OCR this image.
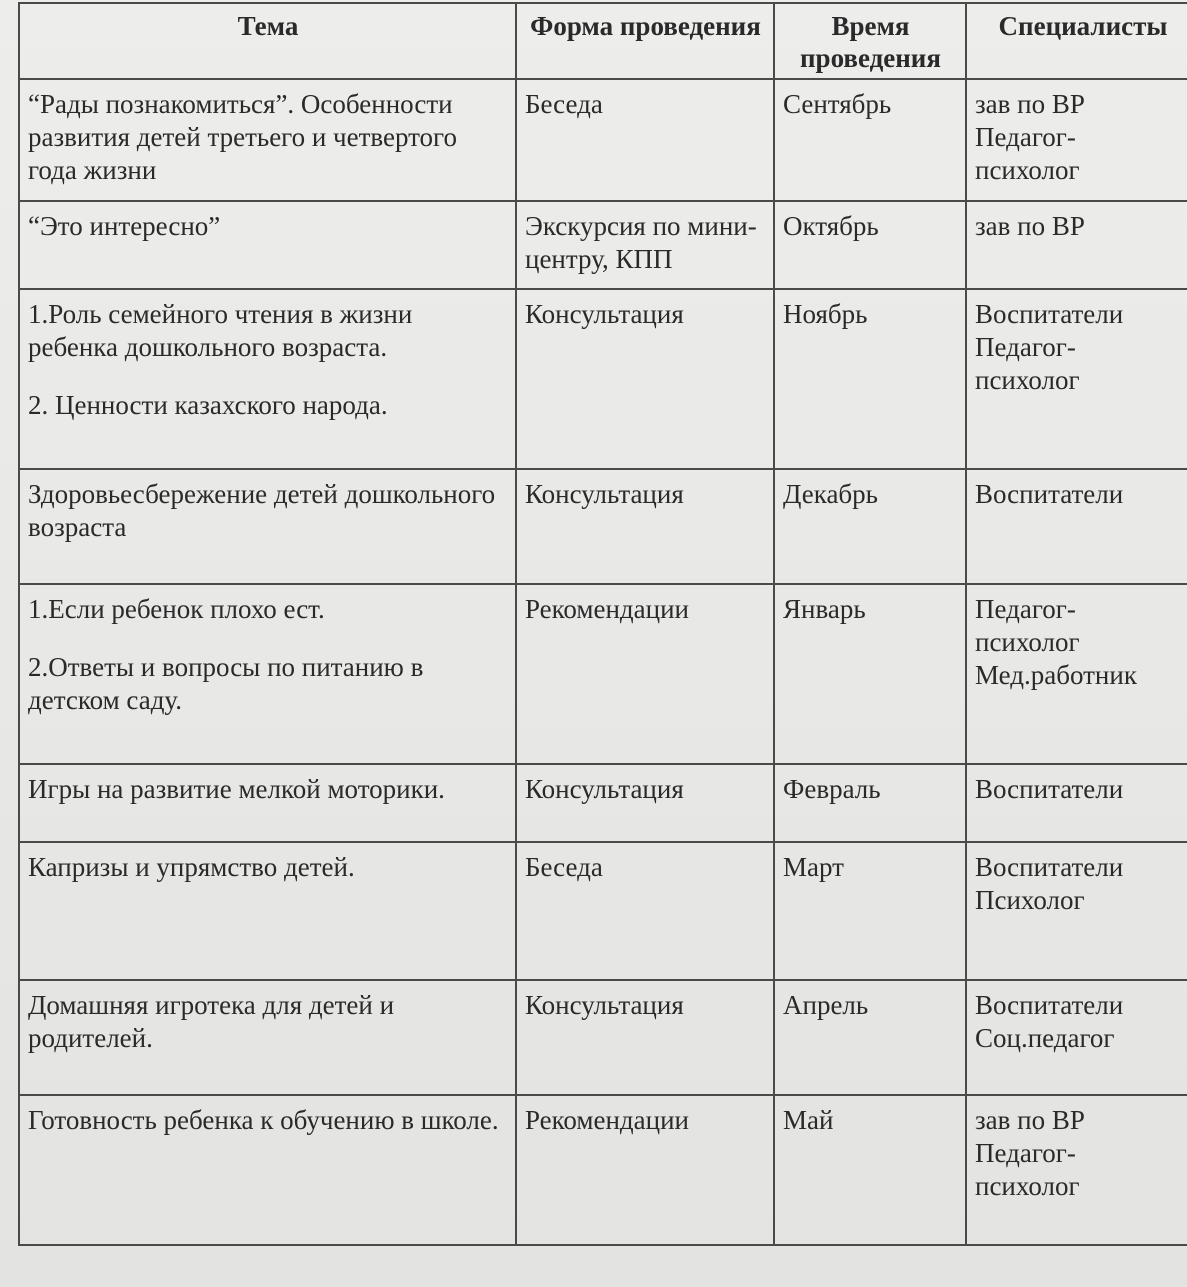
Тема	Форма проведения	Время проведения	Специалисты

“Рады познакомиться”. Особенности развития детей третьего и четвертого года жизни	Беседа	Сентябрь	зав по ВР
Педагог-
психолог

“Это интересно”	Экскурсия по мини-центру, КПП	Октябрь	зав по ВР

1.Роль семейного чтения в жизни ребенка дошкольного возраста.
2. Ценности казахского народа.	Консультация	Ноябрь	Воспитатели
Педагог-
психолог

Здоровьесбережение детей дошкольного возраста	Консультация	Декабрь	Воспитатели

1.Если ребенок плохо ест.
2.Ответы и вопросы по питанию в детском саду.	Рекомендации	Январь	Педагог-
психолог
Мед.работник

Игры на развитие мелкой моторики.	Консультация	Февраль	Воспитатели

Капризы и упрямство детей.	Беседа	Март	Воспитатели
Психолог

Домашняя игротека для детей и родителей.	Консультация	Апрель	Воспитатели
Соц.педагог

Готовность ребенка к обучению в школе.	Рекомендации	Май	зав по ВР
Педагог-
психолог
